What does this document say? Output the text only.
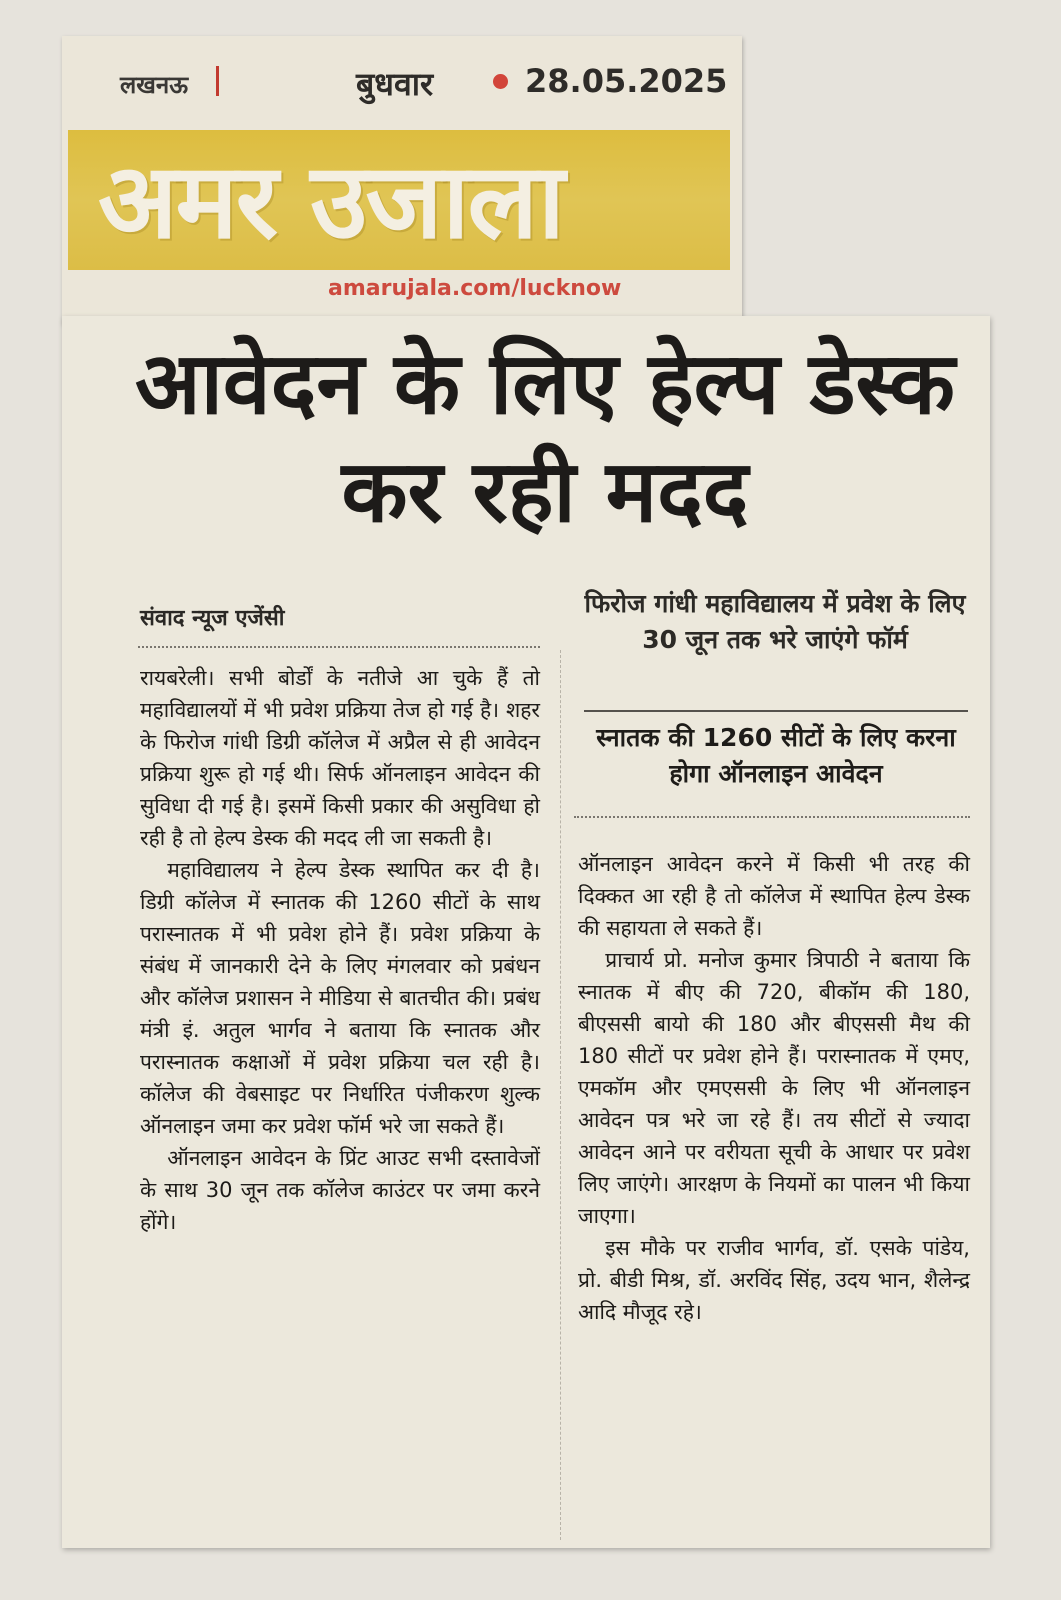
लखनऊ	बुधवार	28.05.2025
अमर उजाला
amarujala.com/lucknow
आवेदन के लिए हेल्प डेस्क कर रही मदद
संवाद न्यूज एजेंसी

रायबरेली। सभी बोर्डों के नतीजे आ चुके हैं तो महाविद्यालयों में भी प्रवेश प्रक्रिया तेज हो गई है। शहर के फिरोज गांधी डिग्री कॉलेज में अप्रैल से ही आवेदन प्रक्रिया शुरू हो गई थी। सिर्फ ऑनलाइन आवेदन की सुविधा दी गई है। इसमें किसी प्रकार की असुविधा हो रही है तो हेल्प डेस्क की मदद ली जा सकती है।

महाविद्यालय ने हेल्प डेस्क स्थापित कर दी है। डिग्री कॉलेज में स्नातक की 1260 सीटों के साथ परास्नातक में भी प्रवेश होने हैं। प्रवेश प्रक्रिया के संबंध में जानकारी देने के लिए मंगलवार को प्रबंधन और कॉलेज प्रशासन ने मीडिया से बातचीत की। प्रबंध मंत्री इं. अतुल भार्गव ने बताया कि स्नातक और परास्नातक कक्षाओं में प्रवेश प्रक्रिया चल रही है। कॉलेज की वेबसाइट पर निर्धारित पंजीकरण शुल्क ऑनलाइन जमा कर प्रवेश फॉर्म भरे जा सकते हैं।

ऑनलाइन आवेदन के प्रिंट आउट सभी दस्तावेजों के साथ 30 जून तक कॉलेज काउंटर पर जमा करने होंगे।

फिरोज गांधी महाविद्यालय में प्रवेश के लिए 30 जून तक भरे जाएंगे फॉर्म
स्नातक की 1260 सीटों के लिए करना होगा ऑनलाइन आवेदन

ऑनलाइन आवेदन करने में किसी भी तरह की दिक्कत आ रही है तो कॉलेज में स्थापित हेल्प डेस्क की सहायता ले सकते हैं।

प्राचार्य प्रो. मनोज कुमार त्रिपाठी ने बताया कि स्नातक में बीए की 720, बीकॉम की 180, बीएससी बायो की 180 और बीएससी मैथ की 180 सीटों पर प्रवेश होने हैं। परास्नातक में एमए, एमकॉम और एमएससी के लिए भी ऑनलाइन आवेदन पत्र भरे जा रहे हैं। तय सीटों से ज्यादा आवेदन आने पर वरीयता सूची के आधार पर प्रवेश लिए जाएंगे। आरक्षण के नियमों का पालन भी किया जाएगा।

इस मौके पर राजीव भार्गव, डॉ. एसके पांडेय, प्रो. बीडी मिश्र, डॉ. अरविंद सिंह, उदय भान, शैलेन्द्र आदि मौजूद रहे।
